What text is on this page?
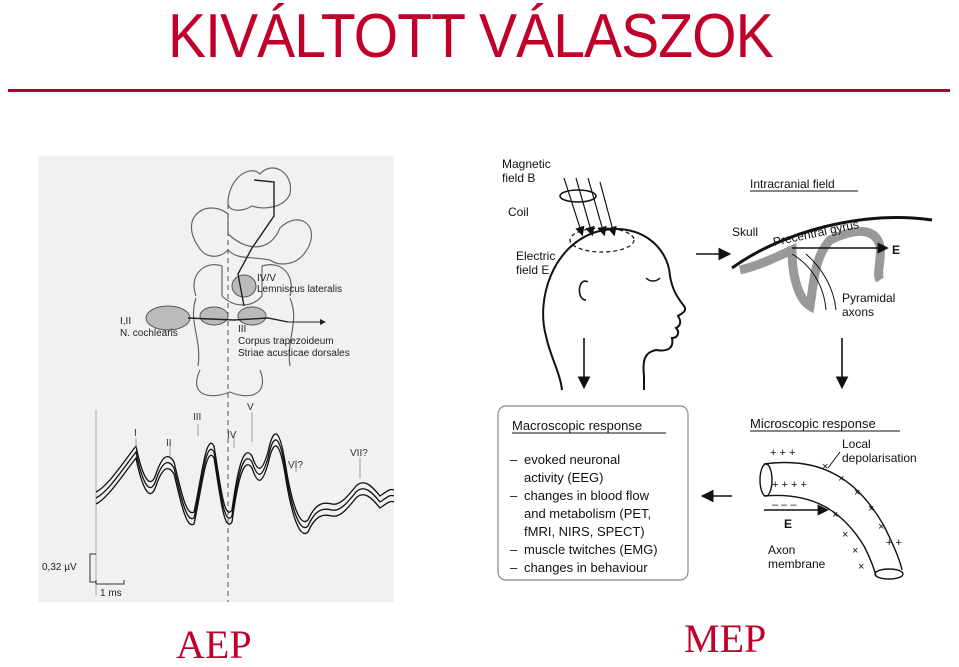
KIVÁLTOTT VÁLASZOK
IV/V
Lemniscus lateralis
I,II
N. cochlearis	III
Corpus trapezoideum
Striae acusticae dorsales
I
II
III
IV
V
VI?
VII?
0,32 µV
1 ms
Magnetic
field B
Coil
Electric
field E
Intracranial field
Skull Precentral gyrus
E
Pyramidal
axons
Macroscopic response
–
–
–
–
evoked neuronal
activity (EEG)
changes in blood flow
and metabolism (PET,
fMRI, NIRS, SPECT)
muscle twitches (EMG)
changes in behaviour
Microscopic response
Local
depolarisation
+ + +
+ + + +
– – –
×
×
×
×
×
+ +
×
×
×
×
E
Axon
membrane
AEP	MEP
